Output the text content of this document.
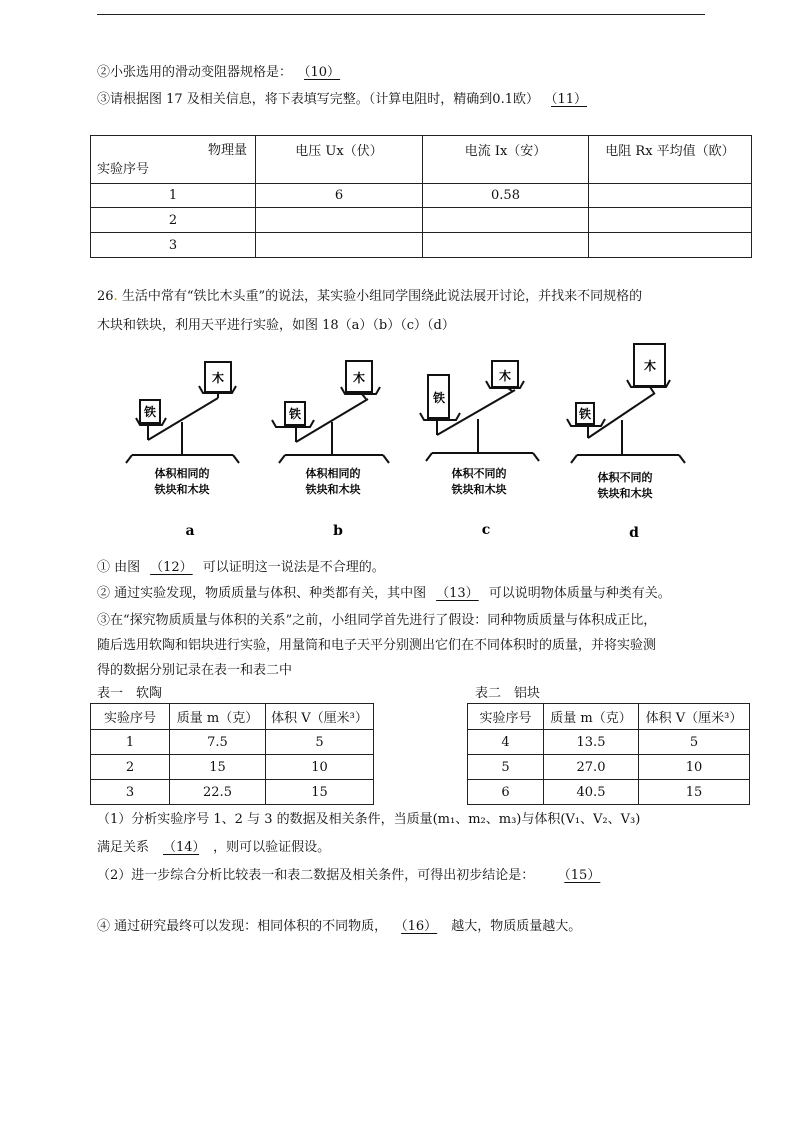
②小张选用的滑动变阻器规格是： （10）
③请根据图 17 及相关信息，将下表填写完整。（计算电阻时，精确到0.1欧） （11）
物理量
实验序号	电压 Ux（伏）	电流 Ix（安）	电阻 Rx 平均值（欧）
1	6	0.58	
2			
3			
26. 生活中常有“铁比木头重”的说法，某实验小组同学围绕此说法展开讨论，并找来不同规格的
木块和铁块，利用天平进行实验，如图 18（a）（b）（c）（d）
铁
木
体积相同的
铁块和木块
铁
木
体积相同的
铁块和木块
铁
木
体积不同的
铁块和木块
铁
木
体积不同的
铁块和木块
a	b	c	d
① 由图 （12） 可以证明这一说法是不合理的。
② 通过实验发现，物质质量与体积、种类都有关，其中图 （13） 可以说明物体质量与种类有关。
③在“探究物质质量与体积的关系”之前，小组同学首先进行了假设：同种物质质量与体积成正比，
随后选用软陶和铝块进行实验，用量筒和电子天平分别测出它们在不同体积时的质量，并将实验测
得的数据分别记录在表一和表二中
表一　软陶	表二　铝块
实验序号	质量 m（克）	体积 V（厘米³）
1	7.5	5
2	15	10
3	22.5	15
实验序号	质量 m（克）	体积 V（厘米³）
4	13.5	5
5	27.0	10
6	40.5	15
（1）分析实验序号 1、2 与 3 的数据及相关条件，当质量(m₁、m₂、m₃)与体积(V₁、V₂、V₃)
满足关系 （14） ，则可以验证假设。
（2）进一步综合分析比较表一和表二数据及相关条件，可得出初步结论是： （15）
④ 通过研究最终可以发现：相同体积的不同物质， （16） 越大，物质质量越大。
